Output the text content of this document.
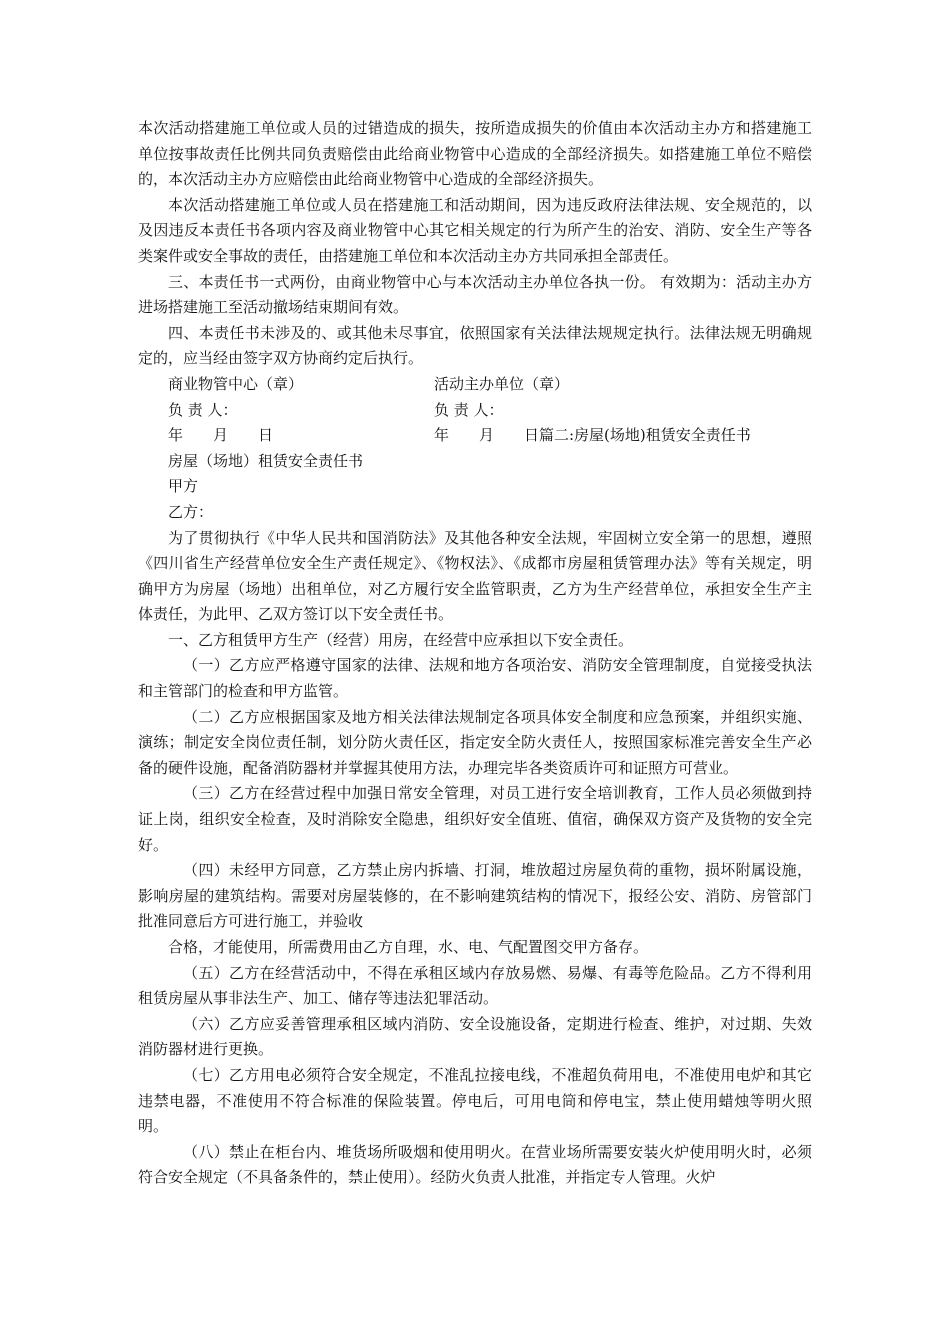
本次活动搭建施工单位或人员的过错造成的损失，按所造成损失的价值由本次活动主办方和搭建施工单位按事故责任比例共同负责赔偿由此给商业物管中心造成的全部经济损失。如搭建施工单位不赔偿的，本次活动主办方应赔偿由此给商业物管中心造成的全部经济损失。

本次活动搭建施工单位或人员在搭建施工和活动期间，因为违反政府法律法规、安全规范的，以及因违反本责任书各项内容及商业物管中心其它相关规定的行为所产生的治安、消防、安全生产等各类案件或安全事故的责任，由搭建施工单位和本次活动主办方共同承担全部责任。

三、本责任书一式两份，由商业物管中心与本次活动主办单位各执一份。 有效期为：活动主办方进场搭建施工至活动撤场结束期间有效。

四、本责任书未涉及的、或其他未尽事宜，依照国家有关法律法规规定执行。法律法规无明确规定的，应当经由签字双方协商约定后执行。

商业物管中心（章）	活动主办单位（章）
负 责 人：	负 责 人：
年　　月　　日	年　　月　　日篇二:房屋(场地)租赁安全责任书

房屋（场地）租赁安全责任书

甲方

乙方：

为了贯彻执行《中华人民共和国消防法》及其他各种安全法规，牢固树立安全第一的思想，遵照《四川省生产经营单位安全生产责任规定》、《物权法》、《成都市房屋租赁管理办法》等有关规定，明确甲方为房屋（场地）出租单位，对乙方履行安全监管职责，乙方为生产经营单位，承担安全生产主体责任，为此甲、乙双方签订以下安全责任书。

一、乙方租赁甲方生产（经营）用房，在经营中应承担以下安全责任。

（一）乙方应严格遵守国家的法律、法规和地方各项治安、消防安全管理制度，自觉接受执法和主管部门的检查和甲方监管。

（二）乙方应根据国家及地方相关法律法规制定各项具体安全制度和应急预案，并组织实施、演练；制定安全岗位责任制，划分防火责任区，指定安全防火责任人，按照国家标准完善安全生产必备的硬件设施，配备消防器材并掌握其使用方法，办理完毕各类资质许可和证照方可营业。

（三）乙方在经营过程中加强日常安全管理，对员工进行安全培训教育，工作人员必须做到持证上岗，组织安全检查，及时消除安全隐患，组织好安全值班、值宿，确保双方资产及货物的安全完好。

（四）未经甲方同意，乙方禁止房内拆墙、打洞，堆放超过房屋负荷的重物，损坏附属设施，影响房屋的建筑结构。需要对房屋装修的，在不影响建筑结构的情况下，报经公安、消防、房管部门批准同意后方可进行施工，并验收

合格，才能使用，所需费用由乙方自理，水、电、气配置图交甲方备存。

（五）乙方在经营活动中，不得在承租区域内存放易燃、易爆、有毒等危险品。乙方不得利用租赁房屋从事非法生产、加工、储存等违法犯罪活动。

（六）乙方应妥善管理承租区域内消防、安全设施设备，定期进行检查、维护，对过期、失效消防器材进行更换。

（七）乙方用电必须符合安全规定，不准乱拉接电线，不准超负荷用电，不准使用电炉和其它违禁电器，不准使用不符合标准的保险装置。停电后，可用电筒和停电宝，禁止使用蜡烛等明火照明。

（八）禁止在柜台内、堆货场所吸烟和使用明火。在营业场所需要安装火炉使用明火时，必须符合安全规定（不具备条件的，禁止使用）。经防火负责人批准，并指定专人管理。火炉
